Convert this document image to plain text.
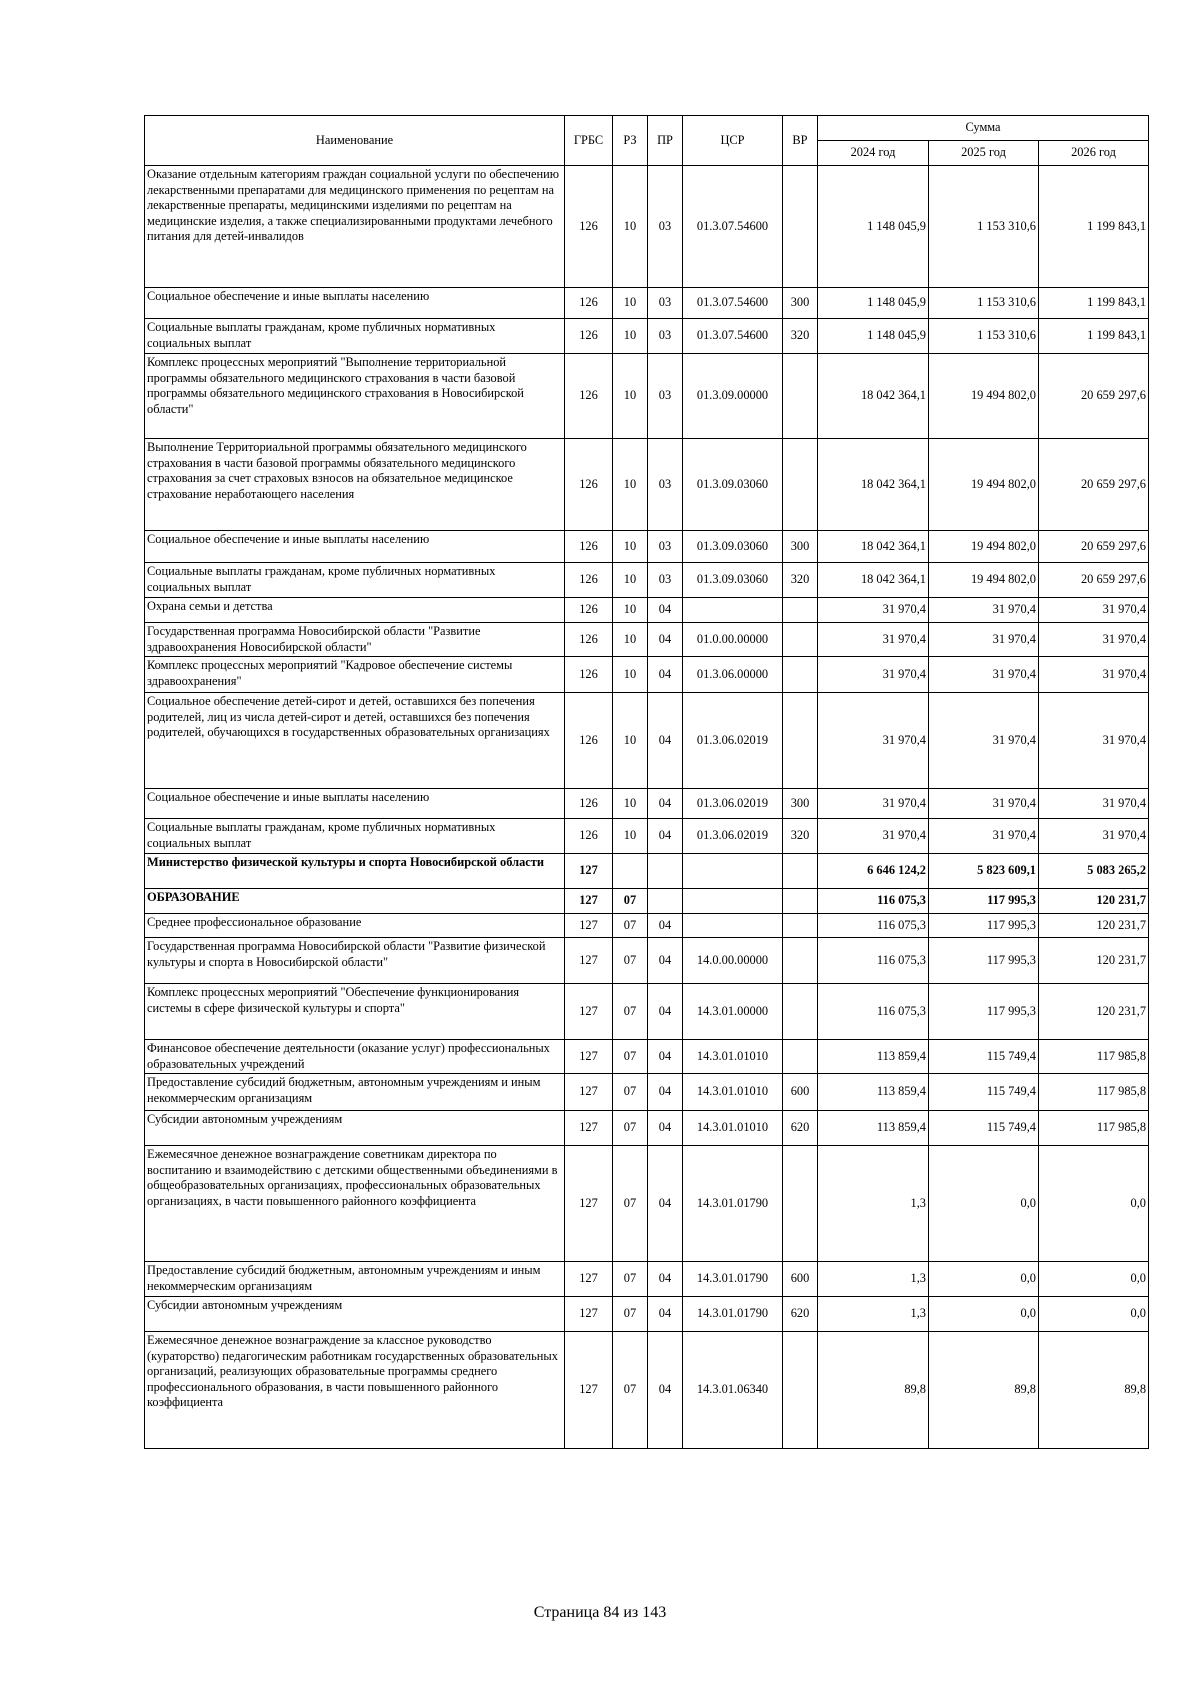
Наименование	ГРБС	РЗ	ПР	ЦСР	ВР	Сумма		
						2024 год	2025 год	2026 год
Оказание отдельным категориям граждан социальной услуги по обеспечению лекарственными препаратами для медицинского применения по рецептам на лекарственные препараты, медицинскими изделиями по рецептам на медицинские изделия, а также специализированными продуктами лечебного питания для детей-инвалидов	126	10	03	01.3.07.54600		1 148 045,9	1 153 310,6	1 199 843,1
Социальное обеспечение и иные выплаты населению	126	10	03	01.3.07.54600	300	1 148 045,9	1 153 310,6	1 199 843,1
Социальные выплаты гражданам, кроме публичных нормативных социальных выплат	126	10	03	01.3.07.54600	320	1 148 045,9	1 153 310,6	1 199 843,1
Комплекс процессных мероприятий "Выполнение территориальной программы обязательного медицинского страхования в части базовой программы обязательного медицинского страхования в Новосибирской области"	126	10	03	01.3.09.00000		18 042 364,1	19 494 802,0	20 659 297,6
Выполнение Территориальной программы обязательного медицинского страхования в части базовой программы обязательного медицинского страхования за счет страховых взносов на обязательное медицинское страхование неработающего населения	126	10	03	01.3.09.03060		18 042 364,1	19 494 802,0	20 659 297,6
Социальное обеспечение и иные выплаты населению	126	10	03	01.3.09.03060	300	18 042 364,1	19 494 802,0	20 659 297,6
Социальные выплаты гражданам, кроме публичных нормативных социальных выплат	126	10	03	01.3.09.03060	320	18 042 364,1	19 494 802,0	20 659 297,6
Охрана семьи и детства	126	10	04			31 970,4	31 970,4	31 970,4
Государственная программа Новосибирской области "Развитие здравоохранения Новосибирской области"	126	10	04	01.0.00.00000		31 970,4	31 970,4	31 970,4
Комплекс процессных мероприятий "Кадровое обеспечение системы здравоохранения"	126	10	04	01.3.06.00000		31 970,4	31 970,4	31 970,4
Социальное обеспечение детей-сирот и детей, оставшихся без попечения родителей, лиц из числа детей-сирот и детей, оставшихся без попечения родителей, обучающихся в государственных образовательных организациях	126	10	04	01.3.06.02019		31 970,4	31 970,4	31 970,4
Социальное обеспечение и иные выплаты населению	126	10	04	01.3.06.02019	300	31 970,4	31 970,4	31 970,4
Социальные выплаты гражданам, кроме публичных нормативных социальных выплат	126	10	04	01.3.06.02019	320	31 970,4	31 970,4	31 970,4
Министерство физической культуры и спорта Новосибирской области	127					6 646 124,2	5 823 609,1	5 083 265,2
ОБРАЗОВАНИЕ	127	07				116 075,3	117 995,3	120 231,7
Среднее профессиональное образование	127	07	04			116 075,3	117 995,3	120 231,7
Государственная программа Новосибирской области "Развитие физической культуры и спорта в Новосибирской области"	127	07	04	14.0.00.00000		116 075,3	117 995,3	120 231,7
Комплекс процессных мероприятий "Обеспечение функционирования системы в сфере физической культуры и спорта"	127	07	04	14.3.01.00000		116 075,3	117 995,3	120 231,7
Финансовое обеспечение деятельности (оказание услуг) профессиональных образовательных учреждений	127	07	04	14.3.01.01010		113 859,4	115 749,4	117 985,8
Предоставление субсидий бюджетным, автономным учреждениям и иным некоммерческим организациям	127	07	04	14.3.01.01010	600	113 859,4	115 749,4	117 985,8
Субсидии автономным учреждениям	127	07	04	14.3.01.01010	620	113 859,4	115 749,4	117 985,8
Ежемесячное денежное вознаграждение советникам директора по воспитанию и взаимодействию с детскими общественными объединениями в общеобразовательных организациях, профессиональных образовательных организациях, в части повышенного районного коэффициента	127	07	04	14.3.01.01790		1,3	0,0	0,0
Предоставление субсидий бюджетным, автономным учреждениям и иным некоммерческим организациям	127	07	04	14.3.01.01790	600	1,3	0,0	0,0
Субсидии автономным учреждениям	127	07	04	14.3.01.01790	620	1,3	0,0	0,0
Ежемесячное денежное вознаграждение за классное руководство (кураторство) педагогическим работникам государственных образовательных организаций, реализующих образовательные программы среднего профессионального образования, в части повышенного районного коэффициента	127	07	04	14.3.01.06340		89,8	89,8	89,8
Страница 84 из 143
